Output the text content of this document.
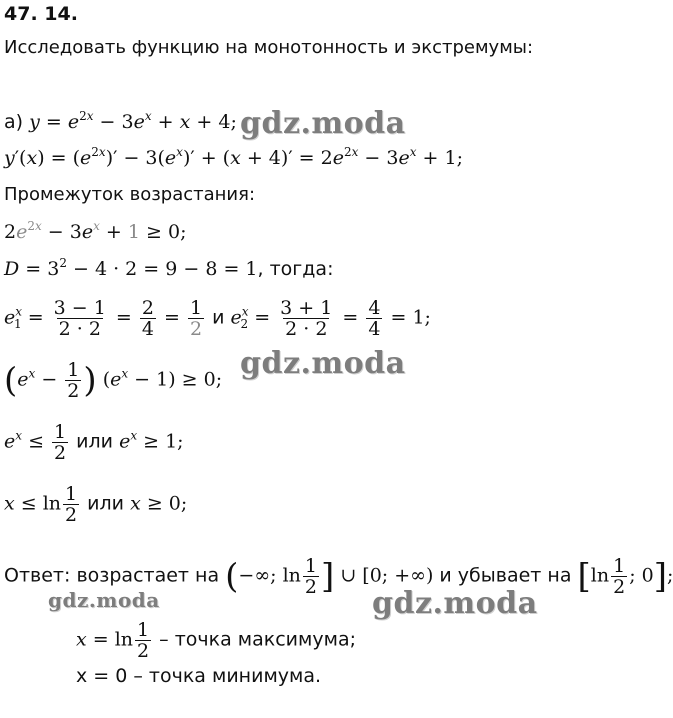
47. 14.
Исследовать функцию на монотонность и экстремумы:
а) $y = e^{2x} - 3e^x + x + 4$;
$y'(x) = (e^{2x})' - 3(e^x)' + (x + 4)' = 2e^{2x} - 3e^x + 1$;
Промежуток возрастания:
$2e^{2x} - 3e^x + 1 \ge 0$;
$D = 3^2 - 4 \cdot 2 = 9 - 8 = 1$, тогда:
$e^x_1 = \frac{3 - 1}{2 \cdot 2} = \frac{2}{4} = \frac{1}{2}$ и $e^x_2 = \frac{3 + 1}{2 \cdot 2} = \frac{4}{4} = 1$;
($e^x - \frac{1}{2}$ ) $(e^x - 1) \ge 0$;
$e^x \le \frac{1}{2}$ или $e^x \ge 1$;
$x \le \ln \frac{1}{2}$ или x ≥ 0;
Ответ: возрастает на (−∞; $\ln \frac{1}{2}$ ] ∪ [0; +∞) и убывает на [$\ln \frac{1}{2}$ ; 0];
$x = \ln \frac{1}{2}$ – точка максимума;
x = 0 – точка минимума.
gdz.moda
gdz.moda
gdz.moda	gdz.moda
